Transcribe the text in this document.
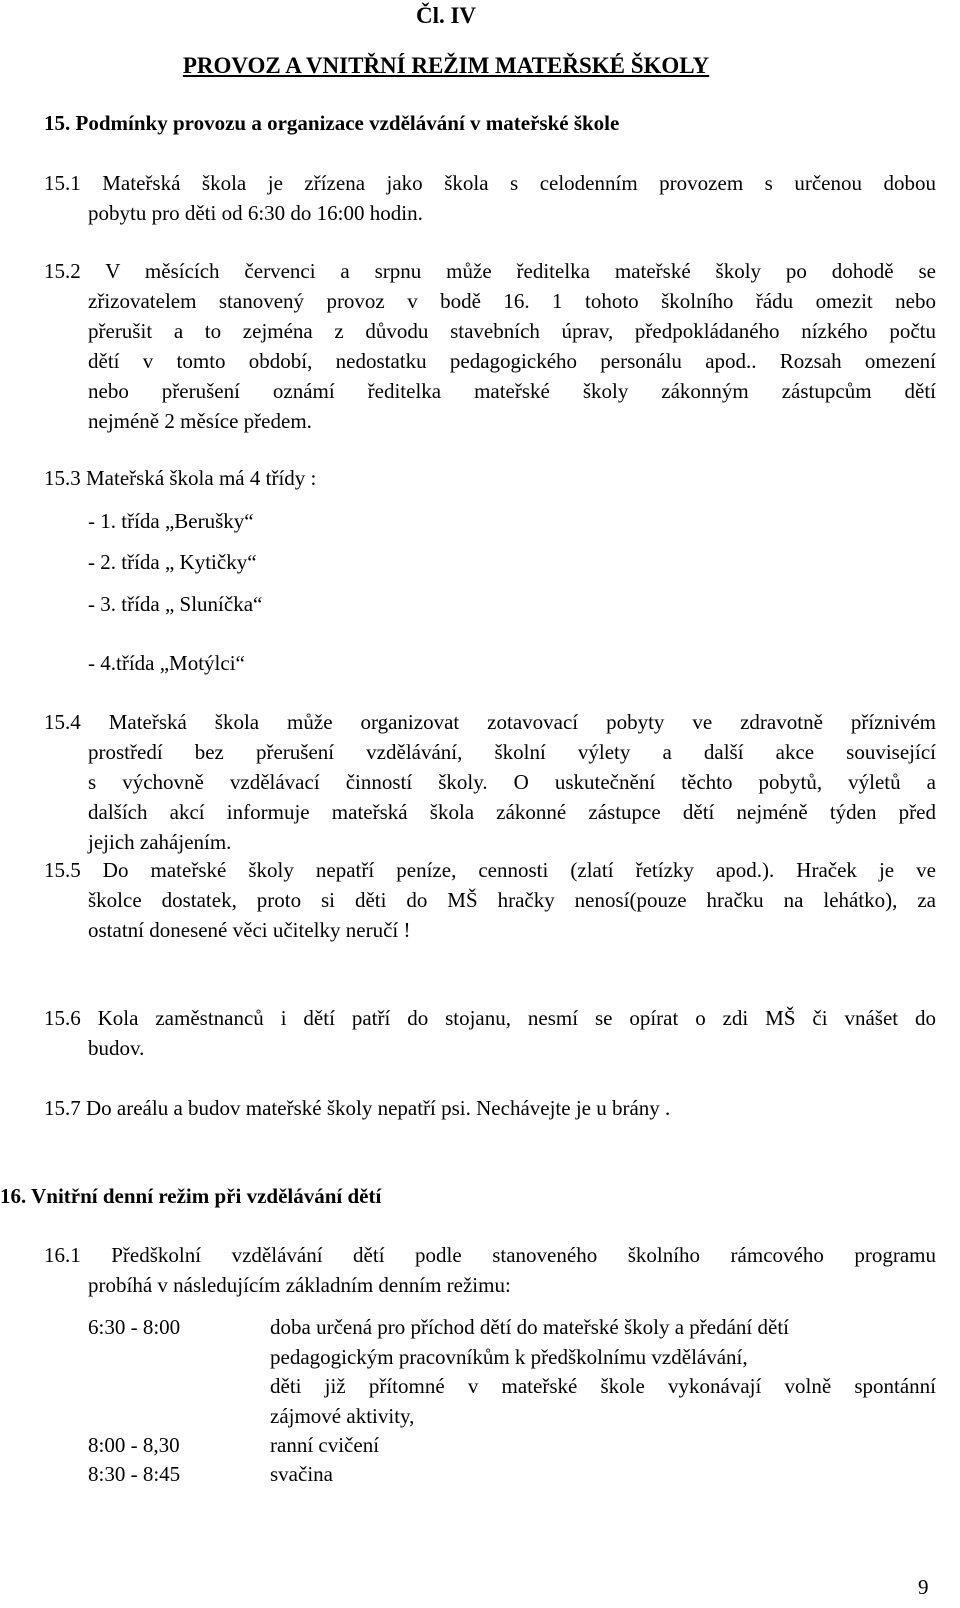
Čl. IV
PROVOZ A VNITŘNÍ REŽIM MATEŘSKÉ ŠKOLY
15. Podmínky provozu a organizace vzdělávání v mateřské škole
15.1 Mateřská škola je zřízena jako škola s celodenním provozem s určenou dobou
pobytu pro děti od 6:30 do 16:00 hodin.
15.2 V měsících červenci a srpnu může ředitelka mateřské školy po dohodě se
zřizovatelem stanovený provoz v bodě 16. 1 tohoto školního řádu omezit nebo
přerušit a to zejména z důvodu stavebních úprav, předpokládaného nízkého počtu
dětí v tomto období, nedostatku pedagogického personálu apod.. Rozsah omezení
nebo přerušení oznámí ředitelka mateřské školy zákonným zástupcům dětí
nejméně 2 měsíce předem.
15.3 Mateřská škola má 4 třídy :
- 1. třída „Berušky“
- 2. třída „ Kytičky“
- 3. třída „ Sluníčka“
- 4.třída „Motýlci“
15.4 Mateřská škola může organizovat zotavovací pobyty ve zdravotně příznivém
prostředí bez přerušení vzdělávání, školní výlety a další akce související
s výchovně vzdělávací činností školy. O uskutečnění těchto pobytů, výletů a
dalších akcí informuje mateřská škola zákonné zástupce dětí nejméně týden před
jejich zahájením.
15.5 Do mateřské školy nepatří peníze, cennosti (zlatí řetízky apod.). Hraček je ve
školce dostatek, proto si děti do MŠ hračky nenosí(pouze hračku na lehátko), za
ostatní donesené věci učitelky neručí !
15.6 Kola zaměstnanců i dětí patří do stojanu, nesmí se opírat o zdi MŠ či vnášet do
budov.
15.7 Do areálu a budov mateřské školy nepatří psi. Nechávejte je u brány .
16. Vnitřní denní režim při vzdělávání dětí
16.1 Předškolní vzdělávání dětí podle stanoveného školního rámcového programu
probíhá v následujícím základním denním režimu:
6:30 - 8:00	doba určená pro příchod dětí do mateřské školy a předání dětí
pedagogickým pracovníkům k předškolnímu vzdělávání,
děti již přítomné v mateřské škole vykonávají volně spontánní
zájmové aktivity,
8:00 - 8,30	ranní cvičení
8:30 - 8:45	svačina
9
